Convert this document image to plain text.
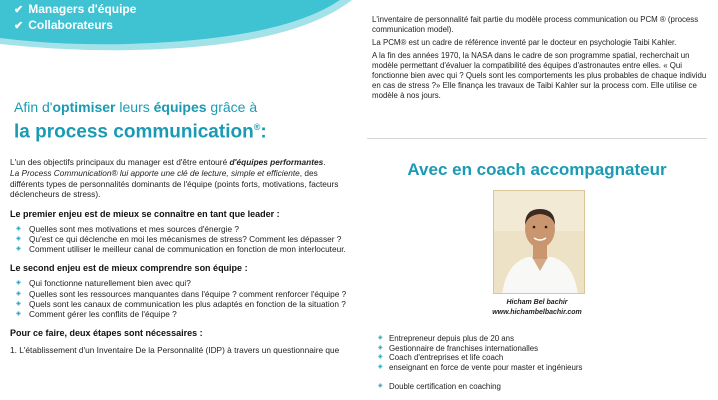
✔ Managers d'équipe
✔ Collaborateurs
Afin d'optimiser leurs équipes grâce à
la process communication®:
L'un des objectifs principaux du manager est d'être entouré d'équipes performantes.
La Process Communication® lui apporte une clé de lecture, simple et efficiente, des différents types de personnalités dominants de l'équipe (points forts, motivations, facteurs déclencheurs de stress).
Le premier enjeu est de mieux se connaître en tant que leader :
◈ Quelles sont mes motivations et mes sources d'énergie ?
◈ Qu'est ce qui déclenche en moi les mécanismes de stress? Comment les dépasser ?
◈ Comment utiliser le meilleur canal de communication en fonction de mon interlocuteur.
Le second enjeu est de mieux comprendre son équipe :
◈ Qui fonctionne naturellement bien avec qui?
◈ Quelles sont les ressources manquantes dans l'équipe ? comment renforcer l'équipe ?
◈ Quels sont les canaux de communication les plus adaptés en fonction de la situation ?
◈ Comment gérer les conflits de l'équipe ?
Pour ce faire, deux étapes sont nécessaires :
1. L'établissement d'un Inventaire De la Personnalité (IDP) à travers un questionnaire que

L'inventaire de personnalité fait partie du modèle process communication ou PCM ® (process communication model).

La PCM® est un cadre de référence inventé par le docteur en psychologie Taibi Kahler.

A la fin des années 1970, la NASA dans le cadre de son programme spatial, recherchait un modèle permettant d'évaluer la compatibilité des équipes d'astronautes entre elles. « Qui fonctionne bien avec qui ? Quels sont les comportements les plus probables de chaque individu en cas de stress ?» Elle finança les travaux de Taibi Kahler sur la process com. Elle utilise ce modèle à nos jours.

Avec en coach accompagnateur
Hicham Bel bachir
www.hichambelbachir.com
◈ Entrepreneur depuis plus de 20 ans
◈ Gestionnaire de franchises internationalles
◈ Coach d'entreprises et life coach
◈ enseignant en force de vente pour master et ingénieurs
◈ Double certification en coaching
